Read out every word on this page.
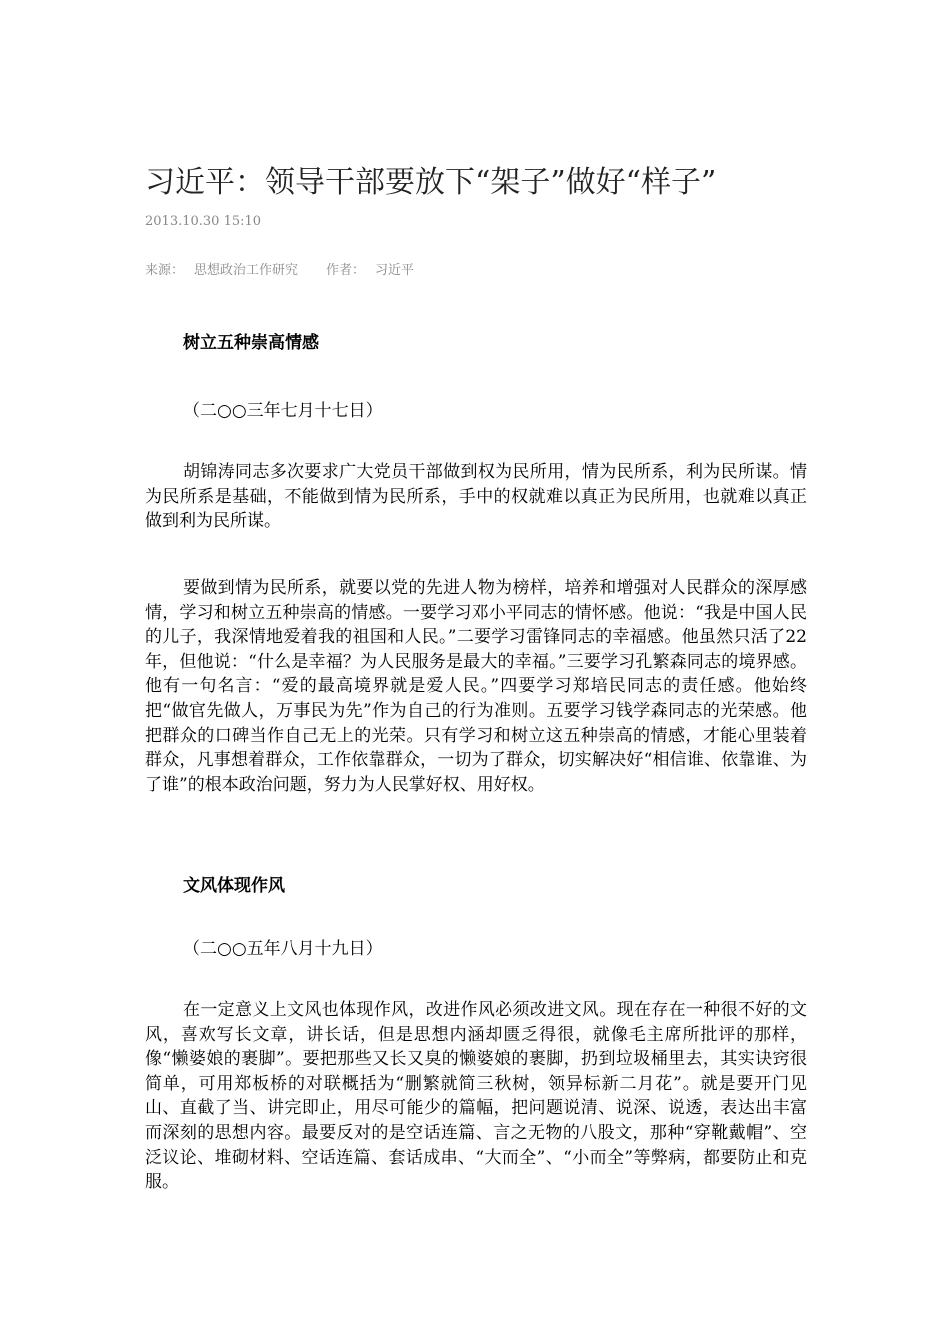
习近平：领导干部要放下“架子”做好“样子”
2013.10.30 15:10
来源： 思想政治工作研究 作者： 习近平
树立五种崇高情感

（二○○三年七月十七日）

胡锦涛同志多次要求广大党员干部做到权为民所用，情为民所系，利为民所谋。情为民所系是基础，不能做到情为民所系，手中的权就难以真正为民所用，也就难以真正做到利为民所谋。

要做到情为民所系，就要以党的先进人物为榜样，培养和增强对人民群众的深厚感情，学习和树立五种崇高的情感。一要学习邓小平同志的情怀感。他说：“我是中国人民的儿子，我深情地爱着我的祖国和人民。”二要学习雷锋同志的幸福感。他虽然只活了22年，但他说：“什么是幸福？为人民服务是最大的幸福。”三要学习孔繁森同志的境界感。他有一句名言：“爱的最高境界就是爱人民。”四要学习郑培民同志的责任感。他始终把“做官先做人，万事民为先”作为自己的行为准则。五要学习钱学森同志的光荣感。他把群众的口碑当作自己无上的光荣。只有学习和树立这五种崇高的情感，才能心里装着群众，凡事想着群众，工作依靠群众，一切为了群众，切实解决好“相信谁、依靠谁、为了谁”的根本政治问题，努力为人民掌好权、用好权。

文风体现作风

（二○○五年八月十九日）

在一定意义上文风也体现作风，改进作风必须改进文风。现在存在一种很不好的文风，喜欢写长文章，讲长话，但是思想内涵却匮乏得很，就像毛主席所批评的那样，像“懒婆娘的裹脚”。要把那些又长又臭的懒婆娘的裹脚，扔到垃圾桶里去，其实诀窍很简单，可用郑板桥的对联概括为“删繁就简三秋树，领异标新二月花”。就是要开门见山、直截了当、讲完即止，用尽可能少的篇幅，把问题说清、说深、说透，表达出丰富而深刻的思想内容。最要反对的是空话连篇、言之无物的八股文，那种“穿靴戴帽”、空泛议论、堆砌材料、空话连篇、套话成串、“大而全”、“小而全”等弊病，都要防止和克服。
